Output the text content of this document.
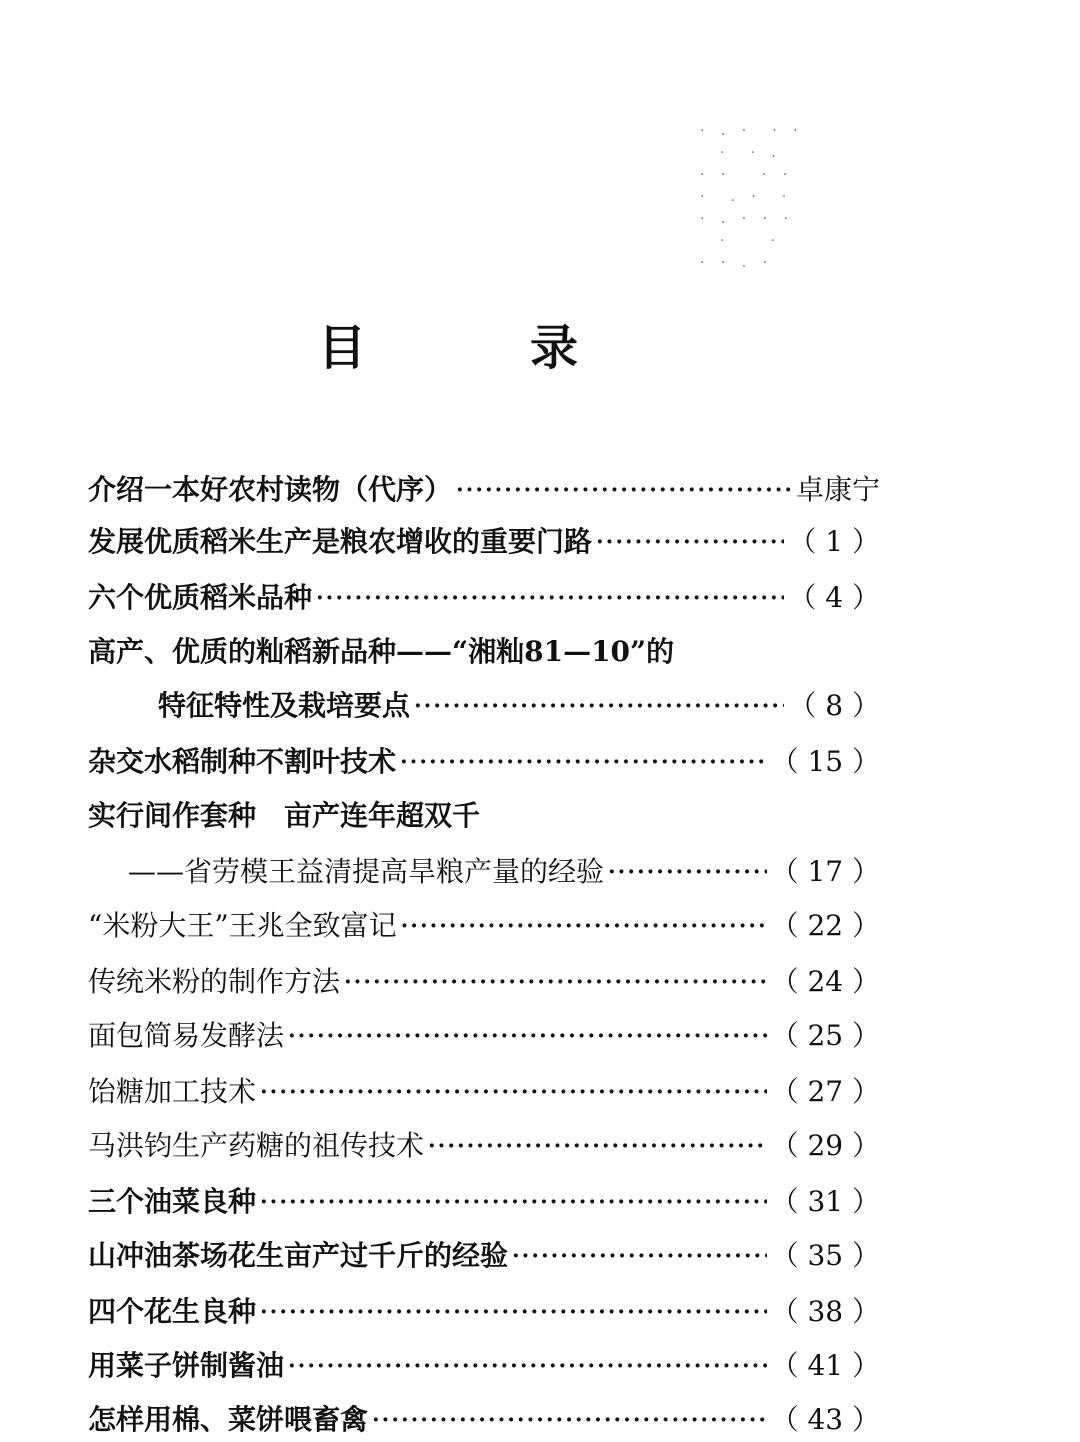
· . ·　· ·
　·　· .
· ·　 · ·
·　. ·　·
· . · · ·
　·　　·
· · . ·
目	录
介绍一本好农村读物（代序） ·····	卓康宁
发展优质稻米生产是粮农增收的重要门路 ·····	（ 1 ）
六个优质稻米品种 ·····	（ 4 ）
高产、优质的籼稻新品种——“湘籼81—10”的
特征特性及栽培要点 ·····	（ 8 ）
杂交水稻制种不割叶技术 ·····	（ 15 ）
实行间作套种　亩产连年超双千
——省劳模王益清提高旱粮产量的经验 ·····	（ 17 ）
“米粉大王”王兆全致富记 ·····	（ 22 ）
传统米粉的制作方法 ·····	（ 24 ）
面包简易发酵法 ·····	（ 25 ）
饴糖加工技术 ·····	（ 27 ）
马洪钧生产药糖的祖传技术 ·····	（ 29 ）
三个油菜良种 ·····	（ 31 ）
山冲油茶场花生亩产过千斤的经验 ·····	（ 35 ）
四个花生良种 ·····	（ 38 ）
用菜子饼制酱油 ·····	（ 41 ）
怎样用棉、菜饼喂畜禽 ·····	（ 43 ）
